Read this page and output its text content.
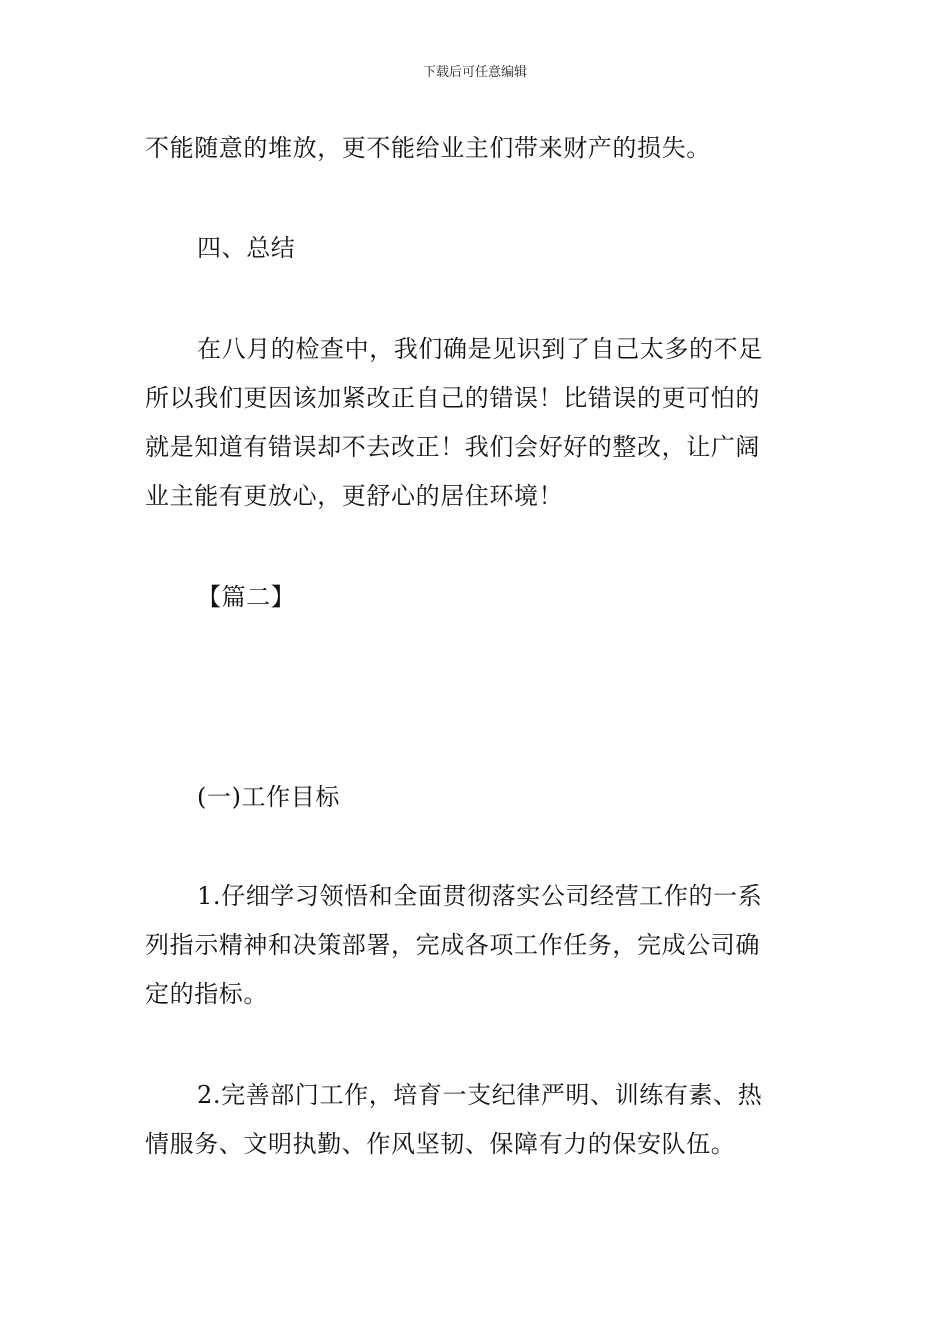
下载后可任意编辑

不能随意的堆放，更不能给业主们带来财产的损失。

四、总结

在八月的检查中，我们确是见识到了自己太多的不足
所以我们更因该加紧改正自己的错误！比错误的更可怕的
就是知道有错误却不去改正！我们会好好的整改，让广阔
业主能有更放心，更舒心的居住环境！

【篇二】

(一)工作目标

1.仔细学习领悟和全面贯彻落实公司经营工作的一系
列指示精神和决策部署，完成各项工作任务，完成公司确
定的指标。

2.完善部门工作，培育一支纪律严明、训练有素、热
情服务、文明执勤、作风坚韧、保障有力的保安队伍。
